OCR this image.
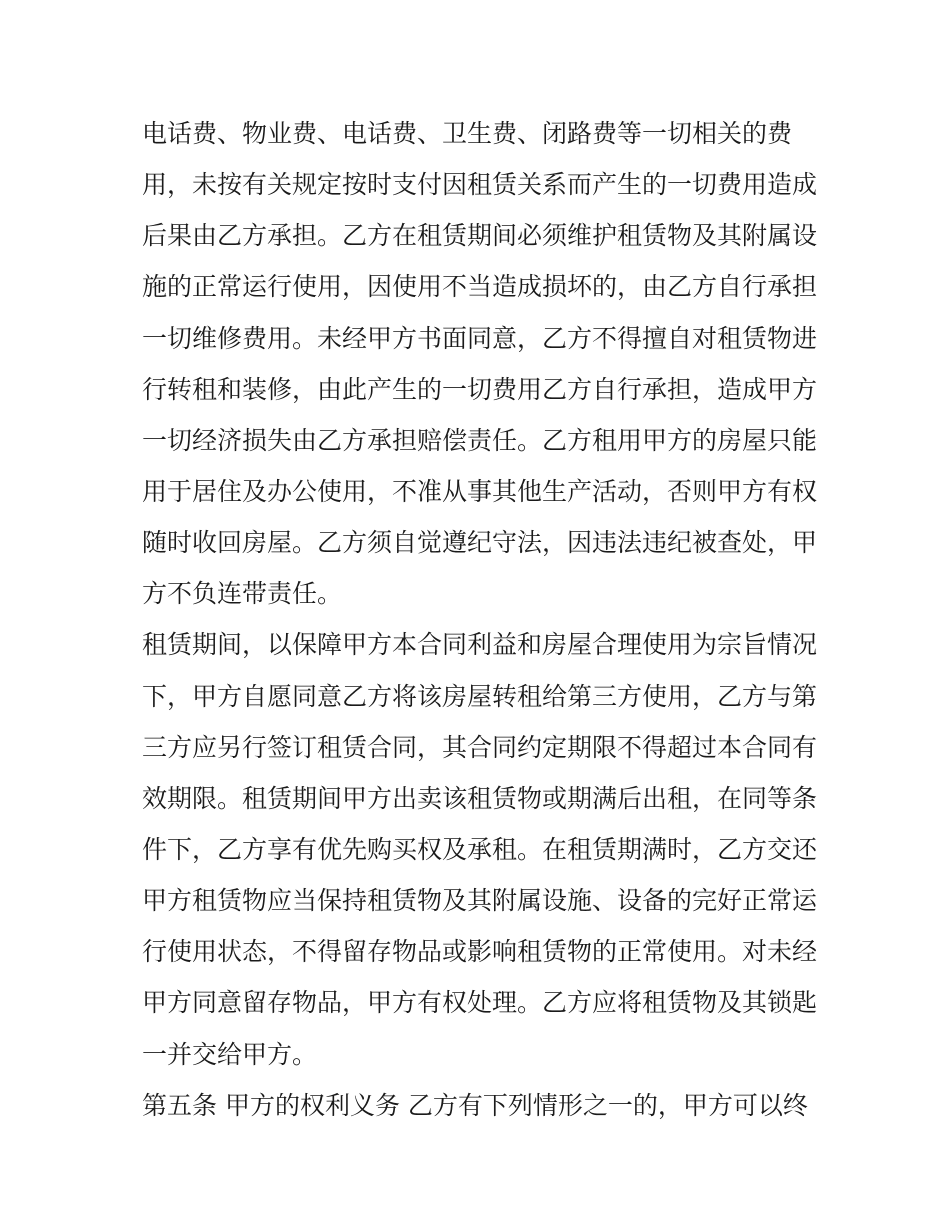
电话费、物业费、电话费、卫生费、闭路费等一切相关的费
用，未按有关规定按时支付因租赁关系而产生的一切费用造成
后果由乙方承担。乙方在租赁期间必须维护租赁物及其附属设
施的正常运行使用，因使用不当造成损坏的，由乙方自行承担
一切维修费用。未经甲方书面同意，乙方不得擅自对租赁物进
行转租和装修，由此产生的一切费用乙方自行承担，造成甲方
一切经济损失由乙方承担赔偿责任。乙方租用甲方的房屋只能
用于居住及办公使用，不准从事其他生产活动，否则甲方有权
随时收回房屋。乙方须自觉遵纪守法，因违法违纪被查处，甲
方不负连带责任。
租赁期间，以保障甲方本合同利益和房屋合理使用为宗旨情况
下，甲方自愿同意乙方将该房屋转租给第三方使用，乙方与第
三方应另行签订租赁合同，其合同约定期限不得超过本合同有
效期限。租赁期间甲方出卖该租赁物或期满后出租，在同等条
件下，乙方享有优先购买权及承租。在租赁期满时，乙方交还
甲方租赁物应当保持租赁物及其附属设施、设备的完好正常运
行使用状态，不得留存物品或影响租赁物的正常使用。对未经
甲方同意留存物品，甲方有权处理。乙方应将租赁物及其锁匙
一并交给甲方。
第五条 甲方的权利义务 乙方有下列情形之一的，甲方可以终
